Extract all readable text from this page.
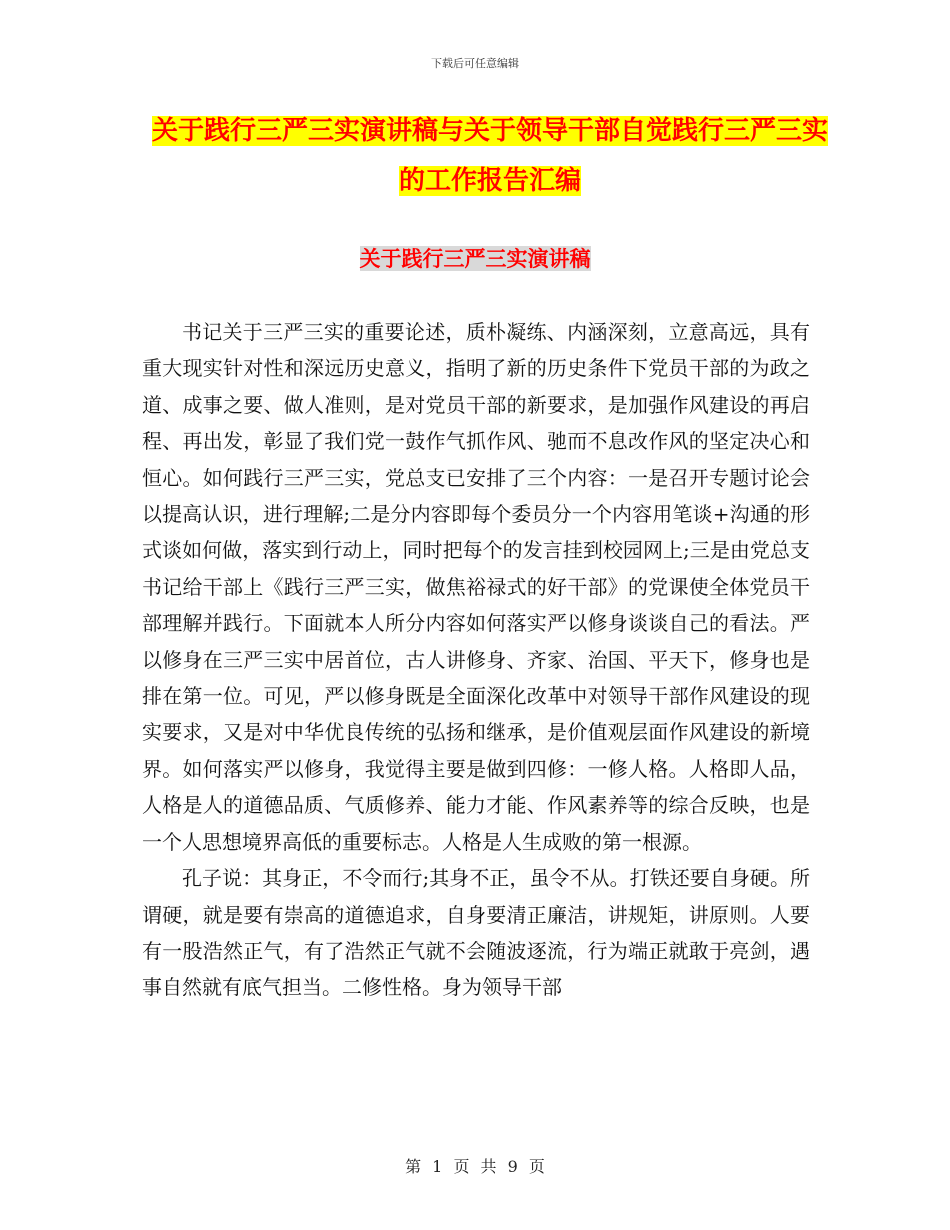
下载后可任意编辑
关于践行三严三实演讲稿与关于领导干部自觉践行三严三实的工作报告汇编
关于践行三严三实演讲稿

书记关于三严三实的重要论述，质朴凝练、内涵深刻，立意高远，具有重大现实针对性和深远历史意义，指明了新的历史条件下党员干部的为政之道、成事之要、做人准则，是对党员干部的新要求，是加强作风建设的再启程、再出发，彰显了我们党一鼓作气抓作风、驰而不息改作风的坚定决心和恒心。如何践行三严三实，党总支已安排了三个内容：一是召开专题讨论会以提高认识，进行理解;二是分内容即每个委员分一个内容用笔谈+沟通的形式谈如何做，落实到行动上，同时把每个的发言挂到校园网上;三是由党总支书记给干部上《践行三严三实，做焦裕禄式的好干部》的党课使全体党员干部理解并践行。下面就本人所分内容如何落实严以修身谈谈自己的看法。严以修身在三严三实中居首位，古人讲修身、齐家、治国、平天下，修身也是排在第一位。可见，严以修身既是全面深化改革中对领导干部作风建设的现实要求，又是对中华优良传统的弘扬和继承，是价值观层面作风建设的新境界。如何落实严以修身，我觉得主要是做到四修：一修人格。人格即人品，人格是人的道德品质、气质修养、能力才能、作风素养等的综合反映，也是一个人思想境界高低的重要标志。人格是人生成败的第一根源。

孔子说：其身正，不令而行;其身不正，虽令不从。打铁还要自身硬。所谓硬，就是要有崇高的道德追求，自身要清正廉洁，讲规矩，讲原则。人要有一股浩然正气，有了浩然正气就不会随波逐流，行为端正就敢于亮剑，遇事自然就有底气担当。二修性格。身为领导干部

第 1 页 共 9 页
